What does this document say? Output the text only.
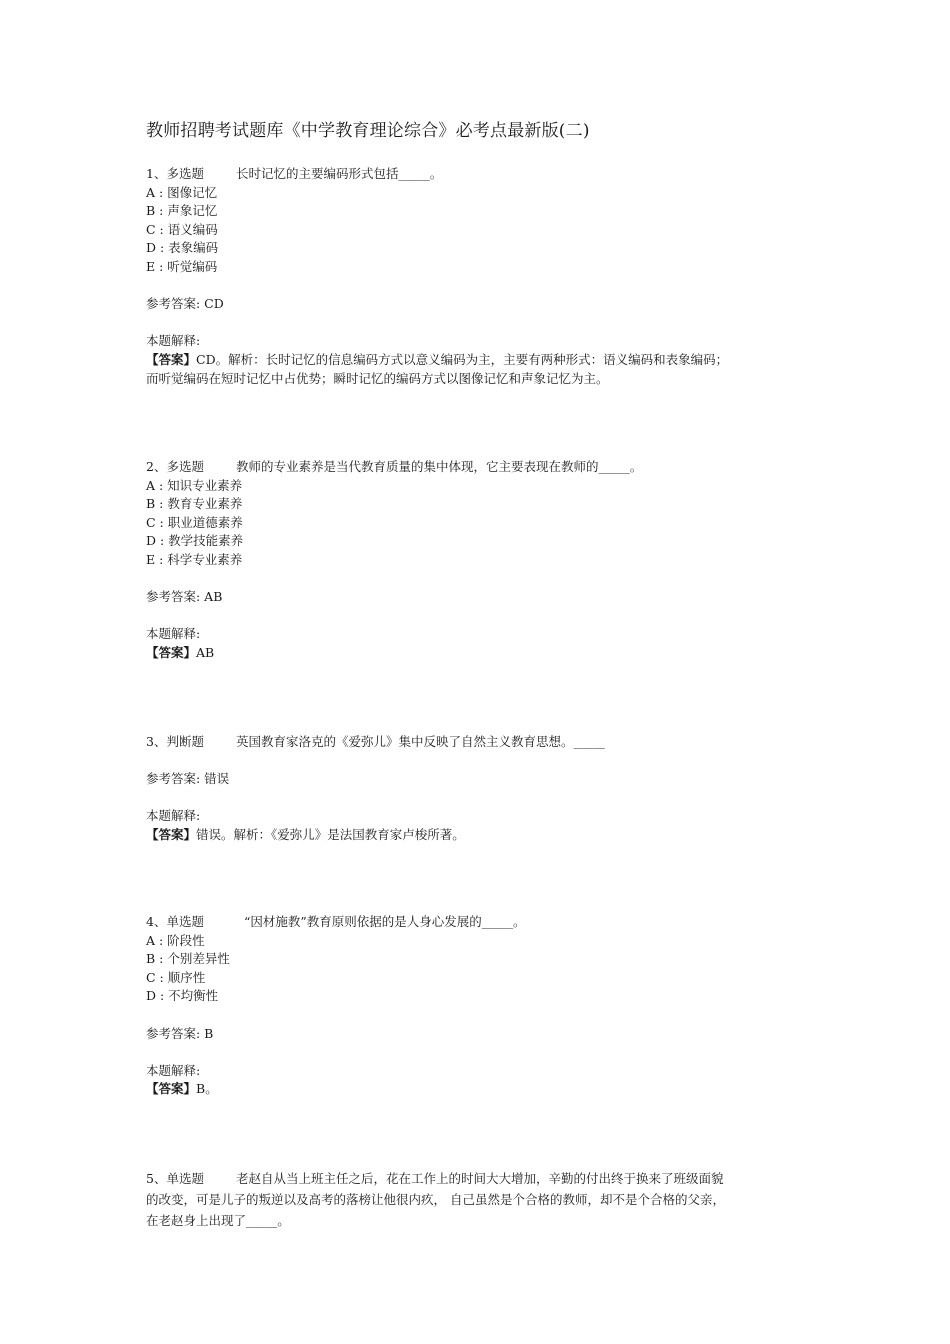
教师招聘考试题库《中学教育理论综合》必考点最新版(二)
1、多选题	长时记忆的主要编码形式包括_____。
A : 图像记忆
B : 声象记忆
C : 语义编码
D : 表象编码
E : 听觉编码
参考答案: CD
本题解释:
【答案】CD。解析：长时记忆的信息编码方式以意义编码为主，主要有两种形式：语义编码和表象编码；
而听觉编码在短时记忆中占优势；瞬时记忆的编码方式以图像记忆和声象记忆为主。
2、多选题	教师的专业素养是当代教育质量的集中体现，它主要表现在教师的_____。
A : 知识专业素养
B : 教育专业素养
C : 职业道德素养
D : 教学技能素养
E : 科学专业素养
参考答案: AB
本题解释:
【答案】AB
3、判断题	英国教育家洛克的《爱弥儿》集中反映了自然主义教育思想。_____
参考答案: 错误
本题解释:
【答案】错误。解析：《爱弥儿》是法国教育家卢梭所著。
4、单选题	“因材施教”教育原则依据的是人身心发展的_____。
A : 阶段性
B : 个别差异性
C : 顺序性
D : 不均衡性
参考答案: B
本题解释:
【答案】B。
5、单选题	老赵自从当上班主任之后，花在工作上的时间大大增加，辛勤的付出终于换来了班级面貌
的改变，可是儿子的叛逆以及高考的落榜让他很内疚， 自己虽然是个合格的教师，却不是个合格的父亲，
在老赵身上出现了_____。
